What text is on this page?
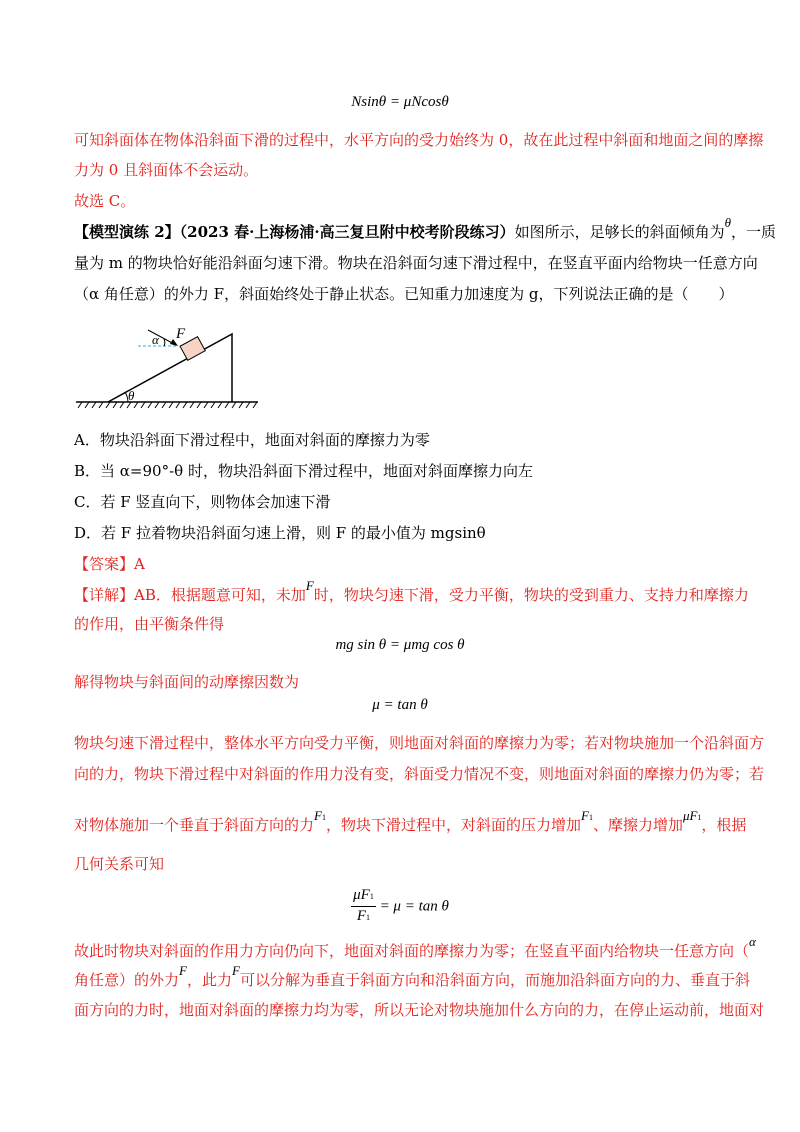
Nsinθ = μNcosθ
可知斜面体在物体沿斜面下滑的过程中，水平方向的受力始终为 0，故在此过程中斜面和地面之间的摩擦
力为 0 且斜面体不会运动。
故选 C。
【模型演练 2】（2023 春·上海杨浦·高三复旦附中校考阶段练习）如图所示，足够长的斜面倾角为θ，一质
量为 m 的物块恰好能沿斜面匀速下滑。物块在沿斜面匀速下滑过程中，在竖直平面内给物块一任意方向
（α 角任意）的外力 F，斜面始终处于静止状态。已知重力加速度为 g，下列说法正确的是（　　）
θ
F
α
A．物块沿斜面下滑过程中，地面对斜面的摩擦力为零
B．当 α=90°-θ 时，物块沿斜面下滑过程中，地面对斜面摩擦力向左
C．若 F 竖直向下，则物体会加速下滑
D．若 F 拉着物块沿斜面匀速上滑，则 F 的最小值为 mgsinθ
【答案】A
【详解】AB．根据题意可知，未加F时，物块匀速下滑，受力平衡，物块的受到重力、支持力和摩擦力
的作用，由平衡条件得
mg sin θ = μmg cos θ
解得物块与斜面间的动摩擦因数为
μ = tan θ
物块匀速下滑过程中，整体水平方向受力平衡，则地面对斜面的摩擦力为零；若对物块施加一个沿斜面方
向的力，物块下滑过程中对斜面的作用力没有变，斜面受力情况不变，则地面对斜面的摩擦力仍为零；若
对物体施加一个垂直于斜面方向的力F1，物块下滑过程中，对斜面的压力增加F1、摩擦力增加μF1，根据
几何关系可知
$\frac{\mu F1}{F1} = \mu = \tan \theta$
故此时物块对斜面的作用力方向仍向下，地面对斜面的摩擦力为零；在竖直平面内给物块一任意方向（α
角任意）的外力F，此力F可以分解为垂直于斜面方向和沿斜面方向，而施加沿斜面方向的力、垂直于斜
面方向的力时，地面对斜面的摩擦力均为零，所以无论对物块施加什么方向的力，在停止运动前，地面对
